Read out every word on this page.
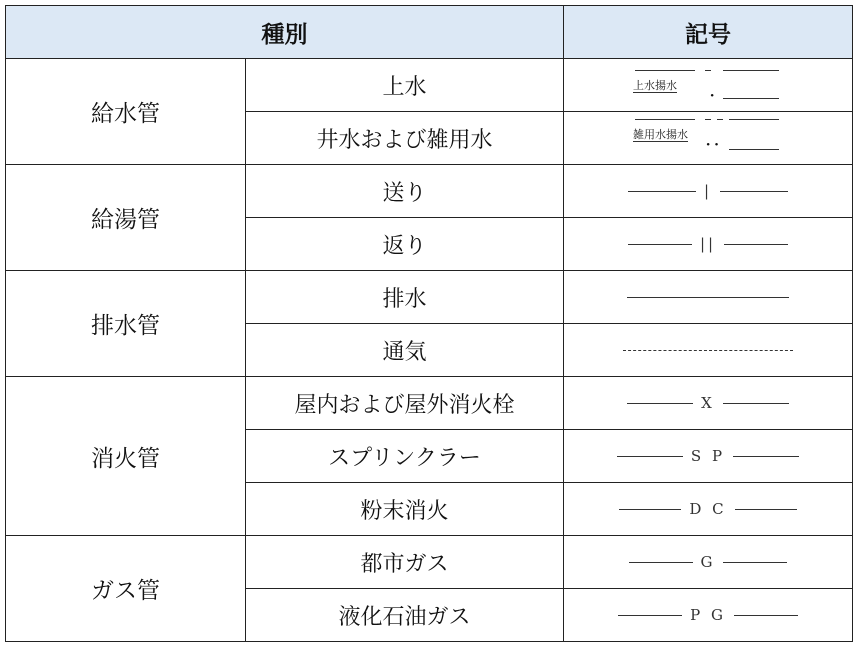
種別		記号
給水管	上水	上水揚水 ·

	井水および雑用水	雑用水揚水 ··

給湯管	送り	|

	返り	||

排水管	排水	

	通気	

消火管	屋内および屋外消火栓	X

	スプリンクラー	S P

	粉末消火	D C

ガス管	都市ガス	G

	液化石油ガス	P G
